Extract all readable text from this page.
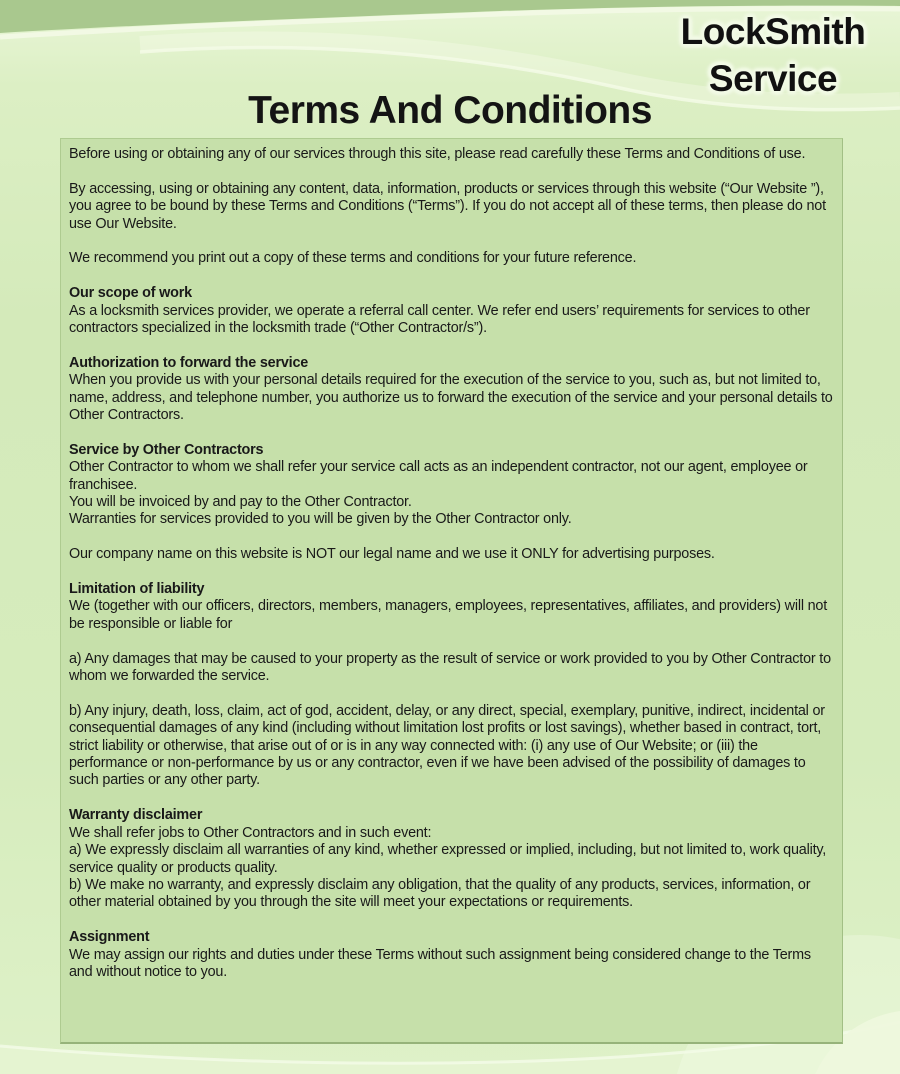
LockSmith
Service
Terms And Conditions

Before using or obtaining any of our services through this site, please read carefully these Terms and Conditions of use.

By accessing, using or obtaining any content, data, information, products or services through this website (“Our Website ”), you agree to be bound by these Terms and Conditions (“Terms”). If you do not accept all of these terms, then please do not use Our Website.

We recommend you print out a copy of these terms and conditions for your future reference.

Our scope of work

As a locksmith services provider, we operate a referral call center. We refer end users’ requirements for services to other contractors specialized in the locksmith trade (“Other Contractor/s”).

Authorization to forward the service

When you provide us with your personal details required for the execution of the service to you, such as, but not limited to, name, address, and telephone number, you authorize us to forward the execution of the service and your personal details to Other Contractors.

Service by Other Contractors

Other Contractor to whom we shall refer your service call acts as an independent contractor, not our agent, employee or franchisee.

You will be invoiced by and pay to the Other Contractor.

Warranties for services provided to you will be given by the Other Contractor only.

Our company name on this website is NOT our legal name and we use it ONLY for advertising purposes.

Limitation of liability

We (together with our officers, directors, members, managers, employees, representatives, affiliates, and providers) will not be responsible or liable for

a) Any damages that may be caused to your property as the result of service or work provided to you by Other Contractor to whom we forwarded the service.

b) Any injury, death, loss, claim, act of god, accident, delay, or any direct, special, exemplary, punitive, indirect, incidental or consequential damages of any kind (including without limitation lost profits or lost savings), whether based in contract, tort, strict liability or otherwise, that arise out of or is in any way connected with: (i) any use of Our Website; or (iii) the performance or non-performance by us or any contractor, even if we have been advised of the possibility of damages to such parties or any other party.

Warranty disclaimer

We shall refer jobs to Other Contractors and in such event:

a) We expressly disclaim all warranties of any kind, whether expressed or implied, including, but not limited to, work quality, service quality or products quality.

b) We make no warranty, and expressly disclaim any obligation, that the quality of any products, services, information, or other material obtained by you through the site will meet your expectations or requirements.

Assignment

We may assign our rights and duties under these Terms without such assignment being considered change to the Terms and without notice to you.
